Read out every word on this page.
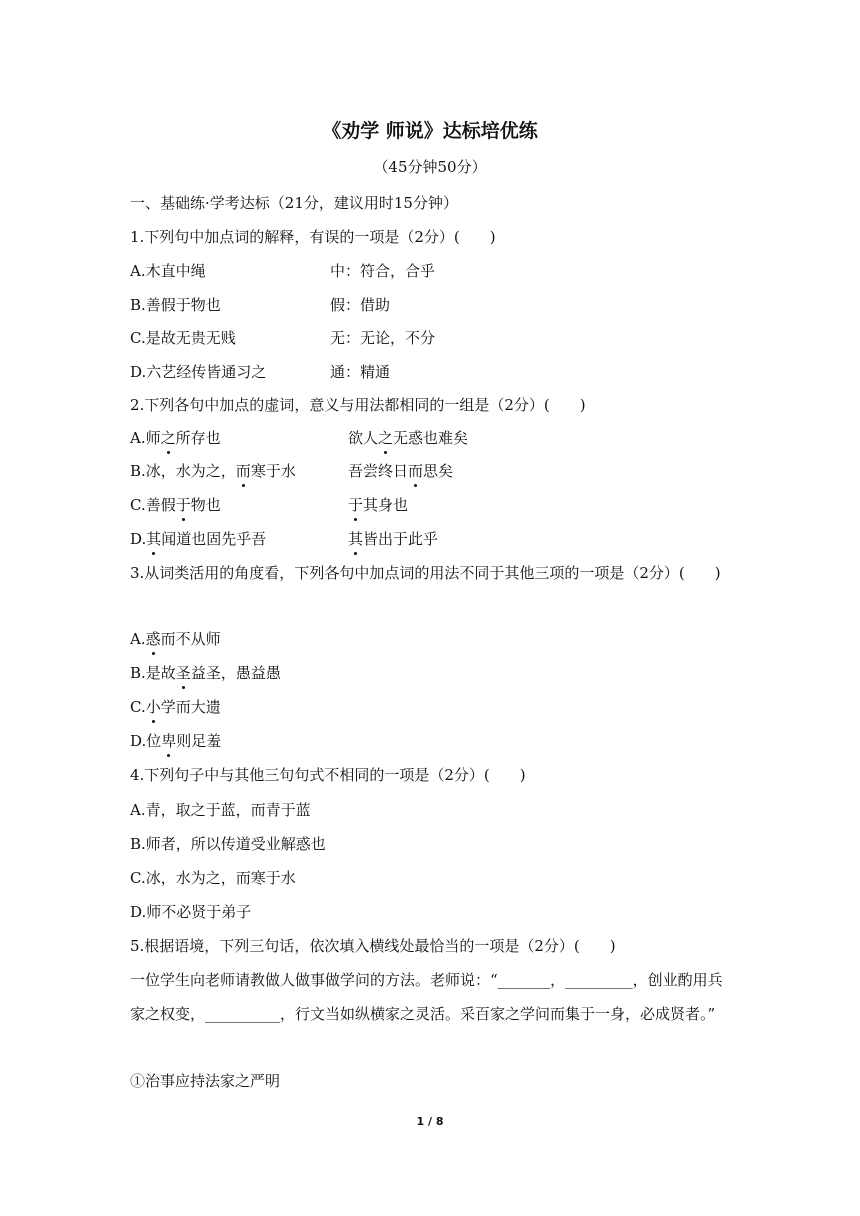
《劝学 师说》达标培优练
（45分钟50分）
一、基础练·学考达标（21分，建议用时15分钟）
1.下列句中加点词的解释，有误的一项是（2分）(　　)
A.木直中绳	中：符合，合乎
B.善假于物也	假：借助
C.是故无贵无贱	无：无论，不分
D.六艺经传皆通习之	通：精通
2.下列各句中加点的虚词，意义与用法都相同的一组是（2分）(　　)
A.师之所存也	欲人之无惑也难矣
B.冰，水为之，而寒于水	吾尝终日而思矣
C.善假于物也	于其身也
D.其闻道也固先乎吾	其皆出于此乎
3.从词类活用的角度看，下列各句中加点词的用法不同于其他三项的一项是（2分）(　　)
A.惑而不从师
B.是故圣益圣，愚益愚
C.小学而大遗
D.位卑则足羞
4.下列句子中与其他三句句式不相同的一项是（2分）(　　)
A.青，取之于蓝，而青于蓝
B.师者，所以传道受业解惑也
C.冰，水为之，而寒于水
D.师不必贤于弟子
5.根据语境，下列三句话，依次填入横线处最恰当的一项是（2分）(　　)
一位学生向老师请教做人做事做学问的方法。老师说：“_______，_________，创业酌用兵家之权变，__________，行文当如纵横家之灵活。采百家之学问而集于一身，必成贤者。”
①治事应持法家之严明
1 / 8
